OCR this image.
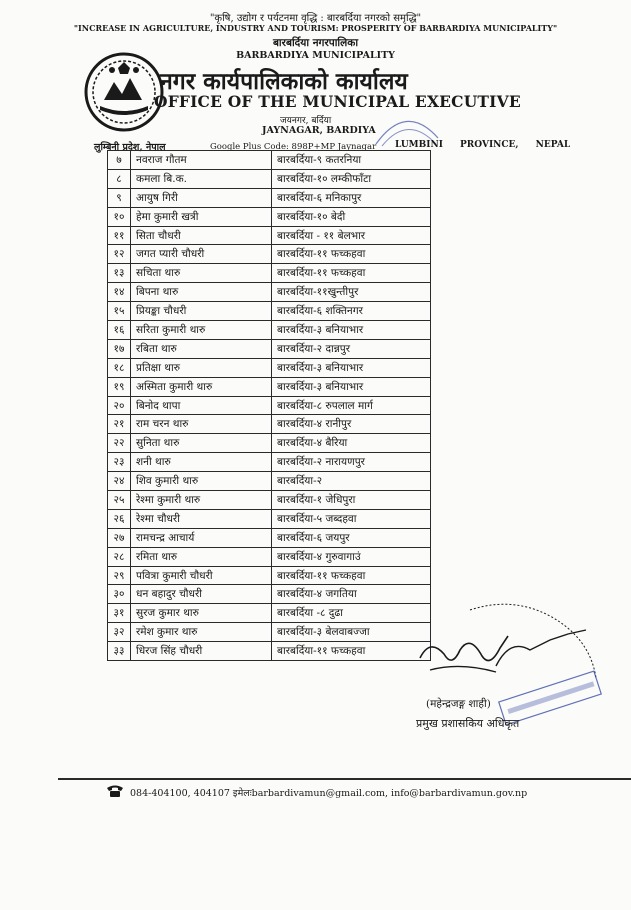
"कृषि, उद्योग र पर्यटनमा वृद्धि : बारबर्दिया नगरको समृद्धि"
"INCREASE IN AGRICULTURE, INDUSTRY AND TOURISM: PROSPERITY OF BARBARDIYA MUNICIPALITY"
बारबर्दिया नगरपालिका
BARBARDIYA MUNICIPALITY
नगर कार्यपालिकाको कार्यालय
OFFICE OF THE MUNICIPAL EXECUTIVE
जयनगर, बर्दिया
JAYNAGAR, BARDIYA
लुम्बिनी प्रदेश, नेपाल	Google Plus Code: 898P+MP Jaynagar LUMBINI PROVINCE, NEPAL
७	नवराज गौतम	बारबर्दिया-९ कतरनिया
८	कमला बि.क.	बारबर्दिया-१० लम्कीफाँटा
९	आयुष गिरी	बारबर्दिया-६ मनिकापुर
१०	हेमा कुमारी खत्री	बारबर्दिया-१० बेदी
११	सिता चौधरी	बारबर्दिया - ११ बेलभार
१२	जगत प्यारी चौधरी	बारबर्दिया-११ फच्कहवा
१३	सचिता थारु	बारबर्दिया-११ फच्कहवा
१४	बिपना थारु	बारबर्दिया-११खुन्तीपुर
१५	प्रियङ्का चौधरी	बारबर्दिया-६ शक्तिनगर
१६	सरिता कुमारी थारु	बारबर्दिया-३ बनियाभार
१७	रबिता थारु	बारबर्दिया-२ दान्नपुर
१८	प्रतिक्षा थारु	बारबर्दिया-३ बनियाभार
१९	अस्मिता कुमारी थारु	बारबर्दिया-३ बनियाभार
२०	बिनोद थापा	बारबर्दिया-८ रुपलाल मार्ग
२१	राम चरन थारु	बारबर्दिया-४ रानीपुर
२२	सुनिता थारु	बारबर्दिया-४ बैरिया
२३	शनी थारु	बारबर्दिया-२ नारायणपुर
२४	शिव कुमारी थारु	बारबर्दिया-२
२५	रेश्मा कुमारी थारु	बारबर्दिया-१ जेधिपुरा
२६	रेश्मा चौधरी	बारबर्दिया-५ जब्दहवा
२७	रामचन्द्र आचार्य	बारबर्दिया-६ जयपुर
२८	रमिता थारु	बारबर्दिया-४ गुरुवागाउं
२९	पवित्रा कुमारी चौधरी	बारबर्दिया-११ फच्कहवा
३०	धन बहादुर चौधरी	बारबर्दिया-४ जगतिया
३१	सुरज कुमार थारु	बारबर्दिया -८ दुढा
३२	रमेश कुमार थारु	बारबर्दिया-३ बेलवाबज्जा
३३	धिरज सिंह चौधरी	बारबर्दिया-११ फच्कहवा
(महेन्द्रजङ्ग शाही)
प्रमुख प्रशासकिय अधिकृत
084-404100, 404107 इमेलःbarbardivamun@gmail.com, info@barbardivamun.gov.np
